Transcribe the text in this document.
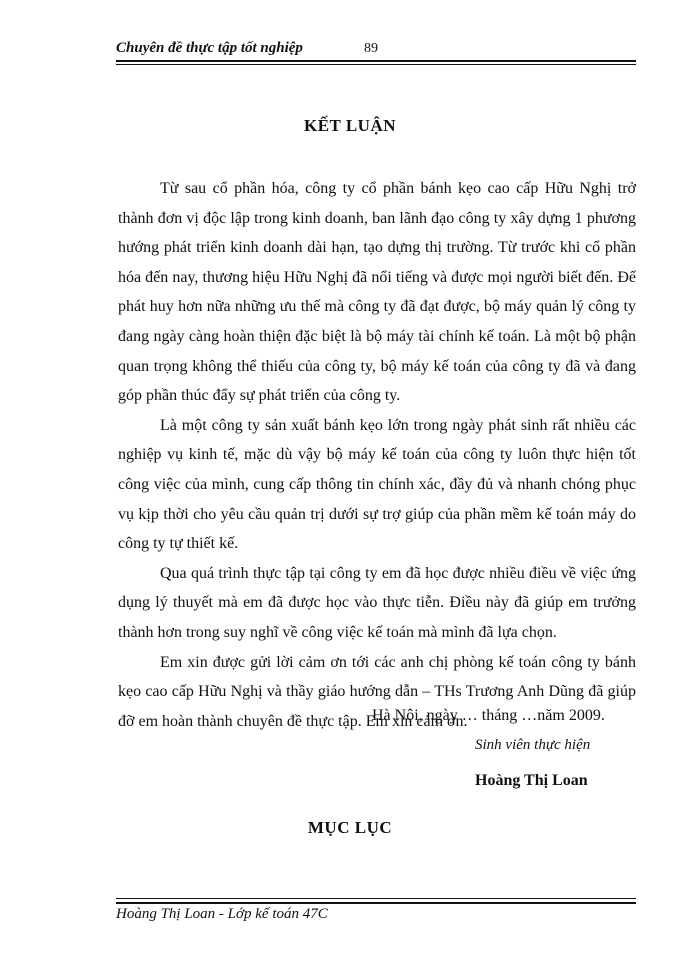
Chuyên đề thực tập tốt nghiệp	89
KẾT LUẬN

Từ sau cổ phần hóa, công ty cổ phần bánh kẹo cao cấp Hữu Nghị trở thành đơn vị độc lập trong kinh doanh, ban lãnh đạo công ty xây dựng 1 phương hướng phát triển kinh doanh dài hạn, tạo dựng thị trường. Từ trước khi cổ phần hóa đến nay, thương hiệu Hữu Nghị đã nổi tiếng và được mọi người biết đến. Để phát huy hơn nữa những ưu thế mà công ty đã đạt được, bộ máy quản lý công ty đang ngày càng hoàn thiện đặc biệt là bộ máy tài chính kế toán. Là một bộ phận quan trọng không thể thiếu của công ty, bộ máy kế toán của công ty đã và đang góp phần thúc đẩy sự phát triển của công ty.

Là một công ty sản xuất bánh kẹo lớn trong ngày phát sinh rất nhiều các nghiệp vụ kinh tế, mặc dù vậy bộ máy kế toán của công ty luôn thực hiện tốt công việc của mình, cung cấp thông tin chính xác, đầy đủ và nhanh chóng phục vụ kịp thời cho yêu cầu quản trị dưới sự trợ giúp của phần mềm kế toán máy do công ty tự thiết kế.

Qua quá trình thực tập tại công ty em đã học được nhiều điều về việc ứng dụng lý thuyết mà em đã được học vào thực tiễn. Điều này đã giúp em trưởng thành hơn trong suy nghĩ về công việc kế toán mà mình đã lựa chọn.

Em xin được gửi lời cảm ơn tới các anh chị phòng kế toán công ty bánh kẹo cao cấp Hữu Nghị và thầy giáo hướng dẫn – THs Trương Anh Dũng đã giúp đỡ em hoàn thành chuyên đề thực tập. Em xin cảm ơn.

Hà Nội, ngày … tháng …năm 2009.
Sinh viên thực hiện
Hoàng Thị Loan
MỤC LỤC
Hoàng Thị Loan - Lớp kế toán 47C
